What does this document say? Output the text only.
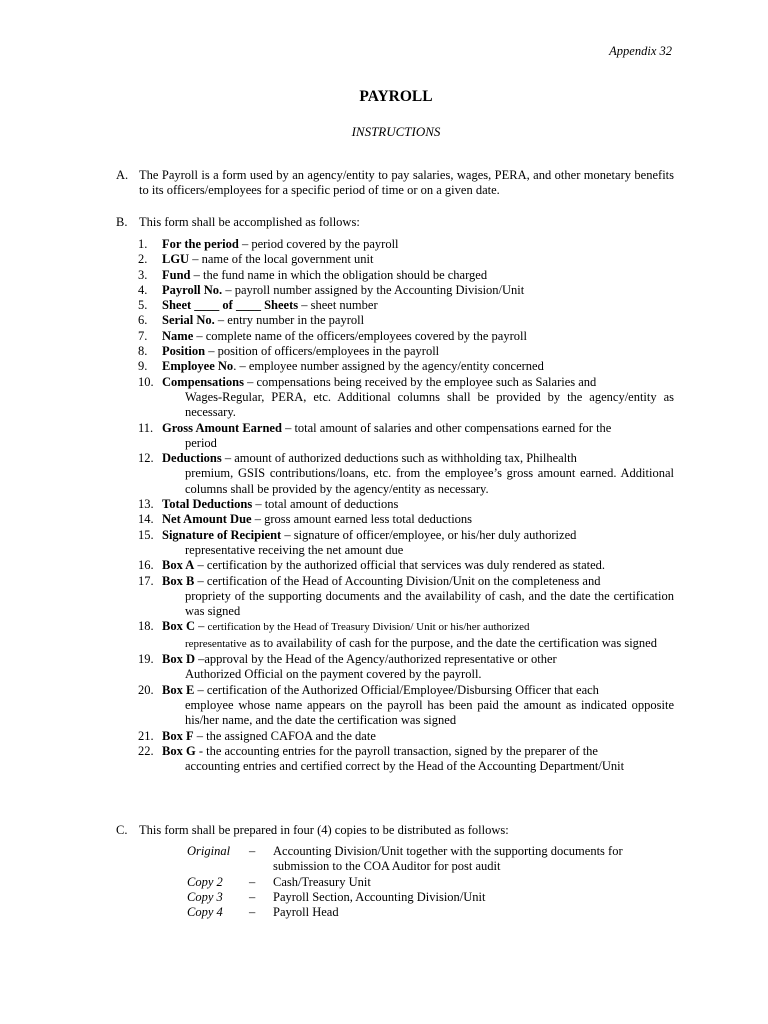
Appendix 32
PAYROLL
INSTRUCTIONS
A. The Payroll is a form used by an agency/entity to pay salaries, wages, PERA, and other monetary benefits to its officers/employees for a specific period of time or on a given date.
B. This form shall be accomplished as follows:
1. For the period – period covered by the payroll
2. LGU – name of the local government unit
3. Fund – the fund name in which the obligation should be charged
4. Payroll No. – payroll number assigned by the Accounting Division/Unit
5. Sheet ____ of ____ Sheets – sheet number
6. Serial No. – entry number in the payroll
7. Name – complete name of the officers/employees covered by the payroll
8. Position – position of officers/employees in the payroll
9. Employee No. – employee number assigned by the agency/entity concerned
10. Compensations – compensations being received by the employee such as Salaries and
Wages-Regular, PERA, etc. Additional columns shall be provided by the agency/entity as necessary.
11. Gross Amount Earned – total amount of salaries and other compensations earned for the
period
12. Deductions – amount of authorized deductions such as withholding tax, Philhealth
premium, GSIS contributions/loans, etc. from the employee’s gross amount earned. Additional columns shall be provided by the agency/entity as necessary.
13. Total Deductions – total amount of deductions
14. Net Amount Due – gross amount earned less total deductions
15. Signature of Recipient – signature of officer/employee, or his/her duly authorized
representative receiving the net amount due
16. Box A – certification by the authorized official that services was duly rendered as stated.
17. Box B – certification of the Head of Accounting Division/Unit on the completeness and
propriety of the supporting documents and the availability of cash, and the date the certification was signed
18. Box C – certification by the Head of Treasury Division/ Unit or his/her authorized
representative as to availability of cash for the purpose, and the date the certification was signed
19. Box D –approval by the Head of the Agency/authorized representative or other
Authorized Official on the payment covered by the payroll.
20. Box E – certification of the Authorized Official/Employee/Disbursing Officer that each
employee whose name appears on the payroll has been paid the amount as indicated opposite his/her name, and the date the certification was signed
21. Box F – the assigned CAFOA and the date
22. Box G - the accounting entries for the payroll transaction, signed by the preparer of the
accounting entries and certified correct by the Head of the Accounting Department/Unit
C. This form shall be prepared in four (4) copies to be distributed as follows:
Original	–	Accounting Division/Unit together with the supporting documents for submission to the COA Auditor for post audit
Copy 2	–	Cash/Treasury Unit
Copy 3	–	Payroll Section, Accounting Division/Unit
Copy 4	–	Payroll Head
